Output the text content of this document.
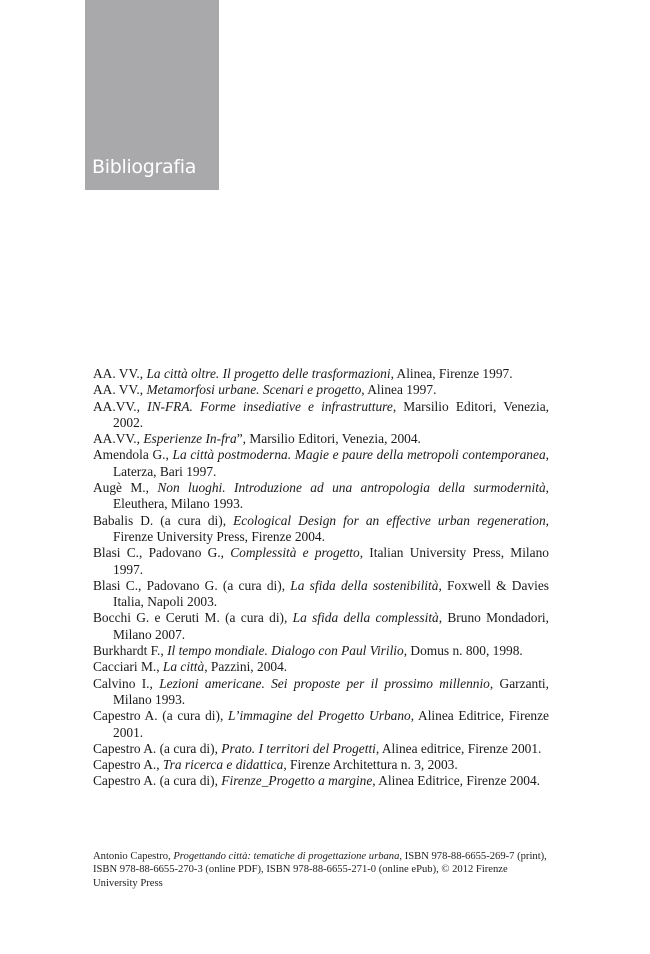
Bibliografia
AA. VV., La città oltre. Il progetto delle trasformazioni, Alinea, Firenze 1997.
AA. VV., Metamorfosi urbane. Scenari e progetto, Alinea 1997.
AA.VV., IN-FRA. Forme insediative e infrastrutture, Marsilio Editori, Venezia, 2002.
AA.VV., Esperienze In-fra”, Marsilio Editori, Venezia, 2004.
Amendola G., La città postmoderna. Magie e paure della metropoli contemporanea, Laterza, Bari 1997.
Augè M., Non luoghi. Introduzione ad una antropologia della surmodernità, Eleuthera, Milano 1993.
Babalis D. (a cura di), Ecological Design for an effective urban regeneration, Firenze University Press, Firenze 2004.
Blasi C., Padovano G., Complessità e progetto, Italian University Press, Milano 1997.
Blasi C., Padovano G. (a cura di), La sfida della sostenibilità, Foxwell & Davies Italia, Napoli 2003.
Bocchi G. e Ceruti M. (a cura di), La sfida della complessità, Bruno Mondadori, Milano 2007.
Burkhardt F., Il tempo mondiale. Dialogo con Paul Virilio, Domus n. 800, 1998.
Cacciari M., La città, Pazzini, 2004.
Calvino I., Lezioni americane. Sei proposte per il prossimo millennio, Garzanti, Milano 1993.
Capestro A. (a cura di), L’immagine del Progetto Urbano, Alinea Editrice, Firenze 2001.
Capestro A. (a cura di), Prato. I territori del Progetti, Alinea editrice, Firenze 2001.
Capestro A., Tra ricerca e didattica, Firenze Architettura n. 3, 2003.
Capestro A. (a cura di), Firenze_Progetto a margine, Alinea Editrice, Firenze 2004.
Antonio Capestro, Progettando città: tematiche di progettazione urbana, ISBN 978-88-6655-269-7 (print), ISBN 978-88-6655-270-3 (online PDF), ISBN 978-88-6655-271-0 (online ePub), © 2012 Firenze University Press
